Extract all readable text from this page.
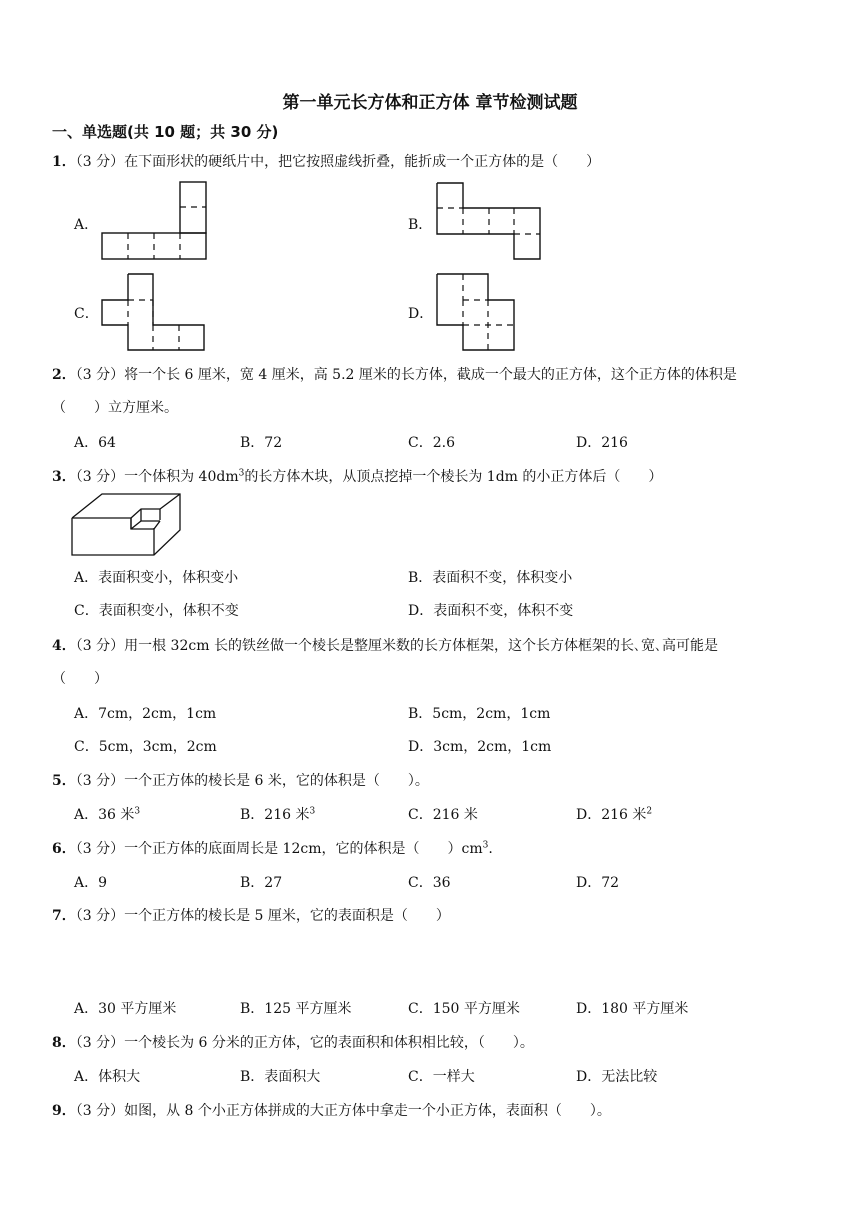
第一单元长方体和正方体 章节检测试题
一、单选题(共 10 题；共 30 分)
1．（3 分）在下面形状的硬纸片中，把它按照虚线折叠，能折成一个正方体的是（　　）
A．	B．
C．	D．
2．（3 分）将一个长 6 厘米，宽 4 厘米，高 5.2 厘米的长方体，截成一个最大的正方体，这个正方体的体积是
（　　）立方厘米。
A．64	B．72	C．2.6	D．216
3．（3 分）一个体积为 $40dm^3$的长方体木块，从顶点挖掉一个棱长为 1dm 的小正方体后（　　）
A．表面积变小，体积变小	B．表面积不变，体积变小
C．表面积变小，体积不变	D．表面积不变，体积不变
4．（3 分）用一根 32cm 长的铁丝做一个棱长是整厘米数的长方体框架，这个长方体框架的长､宽､高可能是
（　　）
A．7cm，2cm，1cm	B．5cm，2cm，1cm
C．5cm，3cm，2cm	D．3cm，2cm，1cm
5．（3 分）一个正方体的棱长是 6 米，它的体积是（　　）。
A．36 米$^3$	B．216 米$^3$	C．216 米	D．216 米$^2$
6．（3 分）一个正方体的底面周长是 12cm，它的体积是（　　）$cm^3$.
A．9	B．27	C．36	D．72
7．（3 分）一个正方体的棱长是 5 厘米，它的表面积是（　　）
A．30 平方厘米	B．125 平方厘米	C．150 平方厘米	D．180 平方厘米
8．（3 分）一个棱长为 6 分米的正方体，它的表面积和体积相比较，（　　）。
A．体积大	B．表面积大	C．一样大	D．无法比较
9．（3 分）如图，从 8 个小正方体拼成的大正方体中拿走一个小正方体，表面积（　　）。
